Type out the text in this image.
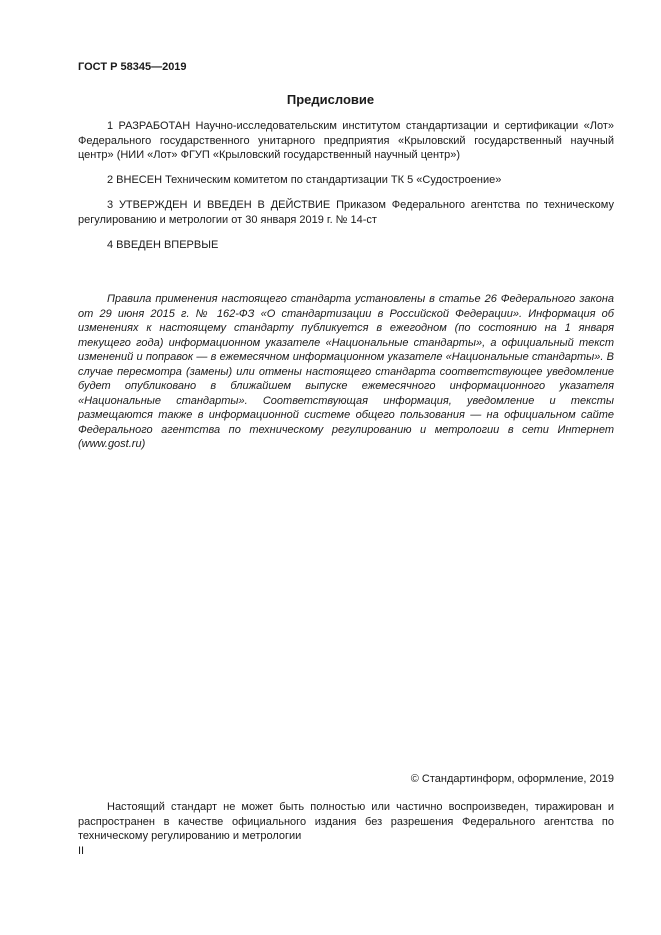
ГОСТ Р 58345—2019
Предисловие
1 РАЗРАБОТАН Научно-исследовательским институтом стандартизации и сертификации «Лот» Федерального государственного унитарного предприятия «Крыловский государственный научный центр» (НИИ «Лот» ФГУП «Крыловский государственный научный центр»)
2 ВНЕСЕН Техническим комитетом по стандартизации ТК 5 «Судостроение»
3 УТВЕРЖДЕН И ВВЕДЕН В ДЕЙСТВИЕ Приказом Федерального агентства по техническому регулированию и метрологии от 30 января 2019 г. № 14-ст
4 ВВЕДЕН ВПЕРВЫЕ
Правила применения настоящего стандарта установлены в статье 26 Федерального закона от 29 июня 2015 г. № 162-ФЗ «О стандартизации в Российской Федерации». Информация об изменениях к настоящему стандарту публикуется в ежегодном (по состоянию на 1 января текущего года) информационном указателе «Национальные стандарты», а официальный текст изменений и поправок — в ежемесячном информационном указателе «Национальные стандарты». В случае пересмотра (замены) или отмены настоящего стандарта соответствующее уведомление будет опубликовано в ближайшем выпуске ежемесячного информационного указателя «Национальные стандарты». Соответствующая информация, уведомление и тексты размещаются также в информационной системе общего пользования — на официальном сайте Федерального агентства по техническому регулированию и метрологии в сети Интернет (www.gost.ru)
© Стандартинформ, оформление, 2019
Настоящий стандарт не может быть полностью или частично воспроизведен, тиражирован и распространен в качестве официального издания без разрешения Федерального агентства по техническому регулированию и метрологии
II
